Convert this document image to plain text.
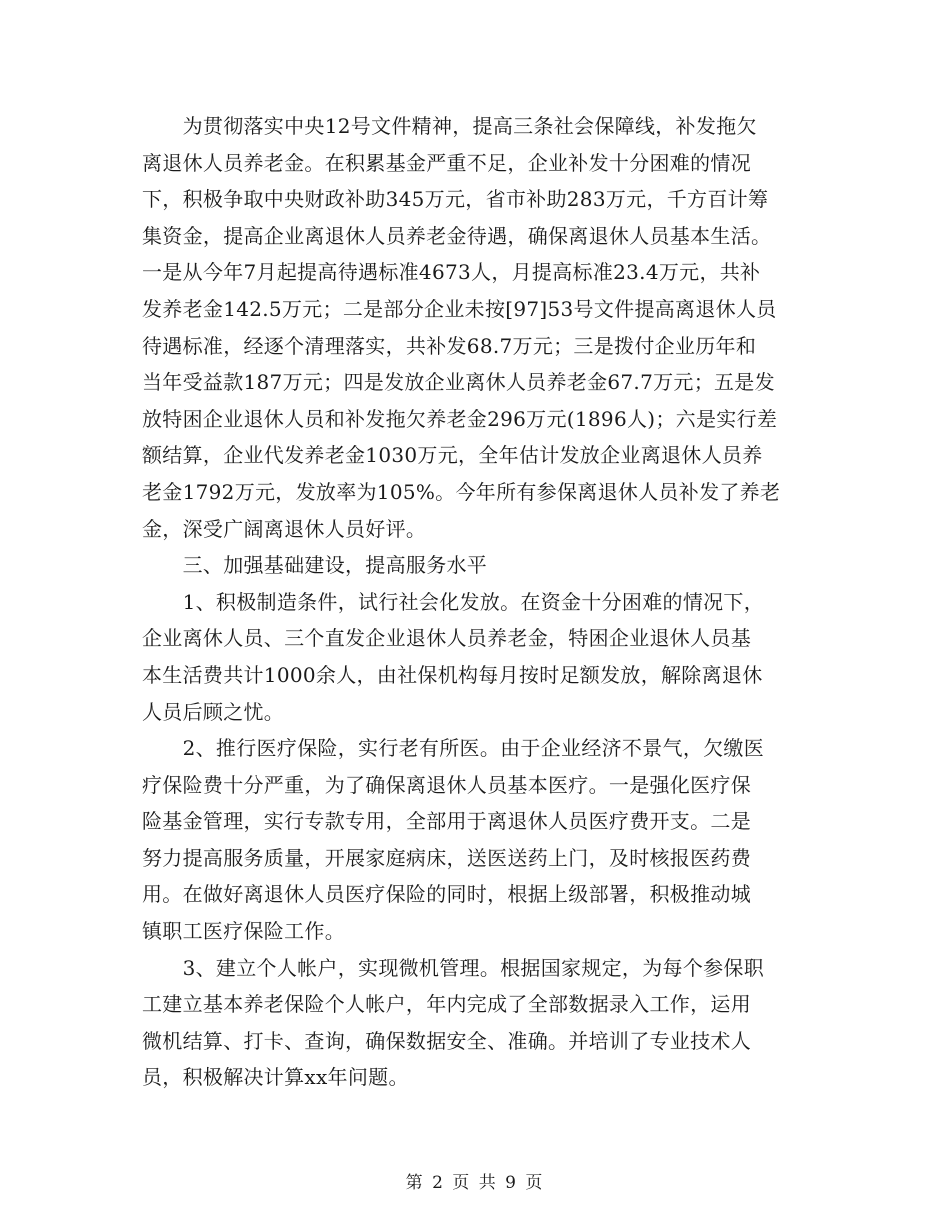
　　为贯彻落实中央12号文件精神，提高三条社会保障线，补发拖欠
离退休人员养老金。在积累基金严重不足，企业补发十分困难的情况
下，积极争取中央财政补助345万元，省市补助283万元，千方百计筹
集资金，提高企业离退休人员养老金待遇，确保离退休人员基本生活。
一是从今年7月起提高待遇标准4673人，月提高标准23.4万元，共补
发养老金142.5万元；二是部分企业未按[97]53号文件提高离退休人员
待遇标准，经逐个清理落实，共补发68.7万元；三是拨付企业历年和
当年受益款187万元；四是发放企业离休人员养老金67.7万元；五是发
放特困企业退休人员和补发拖欠养老金296万元(1896人)；六是实行差
额结算，企业代发养老金1030万元，全年估计发放企业离退休人员养
老金1792万元，发放率为105%。今年所有参保离退休人员补发了养老
金，深受广阔离退休人员好评。
　　三、加强基础建设，提高服务水平
　　1、积极制造条件，试行社会化发放。在资金十分困难的情况下，
企业离休人员、三个直发企业退休人员养老金，特困企业退休人员基
本生活费共计1000余人，由社保机构每月按时足额发放，解除离退休
人员后顾之忧。
　　2、推行医疗保险，实行老有所医。由于企业经济不景气，欠缴医
疗保险费十分严重，为了确保离退休人员基本医疗。一是强化医疗保
险基金管理，实行专款专用，全部用于离退休人员医疗费开支。二是
努力提高服务质量，开展家庭病床，送医送药上门，及时核报医药费
用。在做好离退休人员医疗保险的同时，根据上级部署，积极推动城
镇职工医疗保险工作。
　　3、建立个人帐户，实现微机管理。根据国家规定，为每个参保职
工建立基本养老保险个人帐户，年内完成了全部数据录入工作，运用
微机结算、打卡、查询，确保数据安全、准确。并培训了专业技术人
员，积极解决计算xx年问题。
第 2 页 共 9 页
